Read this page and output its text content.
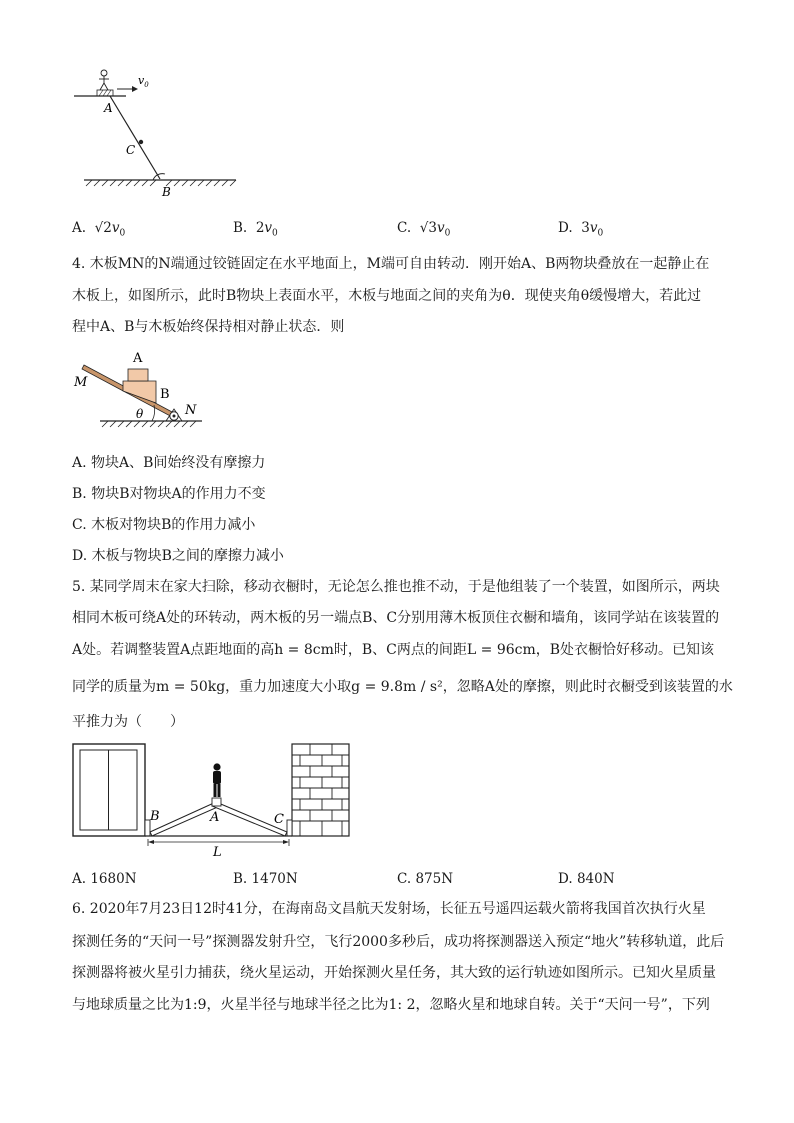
$v_0$
A
C
B
A. $√2v_0$	B. $2v_0$	C. $√3v_0$	D. $3v_0$
4. 木板MN的N端通过铰链固定在水平地面上，M端可自由转动．刚开始A、B两物块叠放在一起静止在
木板上，如图所示，此时B物块上表面水平，木板与地面之间的夹角为θ．现使夹角θ缓慢增大，若此过
程中A、B与木板始终保持相对静止状态．则
A
B
M
N
θ
A. 物块A、B间始终没有摩擦力
B. 物块B对物块A的作用力不变
C. 木板对物块B的作用力减小
D. 木板与物块B之间的摩擦力减小
5. 某同学周末在家大扫除，移动衣橱时，无论怎么推也推不动，于是他组装了一个装置，如图所示，两块
相同木板可绕A处的环转动，两木板的另一端点B、C分别用薄木板顶住衣橱和墙角，该同学站在该装置的
A处。若调整装置A点距地面的高h = 8cm时，B、C两点的间距L = 96cm，B处衣橱恰好移动。已知该
同学的质量为m = 50kg，重力加速度大小取g = 9.8m / s²，忽略A处的摩擦，则此时衣橱受到该装置的水
平推力为（　　）
B	A	C
L
A. 1680N	B. 1470N	C. 875N	D. 840N
6. 2020年7月23日12时41分，在海南岛文昌航天发射场，长征五号遥四运载火箭将我国首次执行火星
探测任务的“天问一号”探测器发射升空，飞行2000多秒后，成功将探测器送入预定“地火”转移轨道，此后
探测器将被火星引力捕获，绕火星运动，开始探测火星任务，其大致的运行轨迹如图所示。已知火星质量
与地球质量之比为1:9，火星半径与地球半径之比为1: 2，忽略火星和地球自转。关于“天问一号”，下列
